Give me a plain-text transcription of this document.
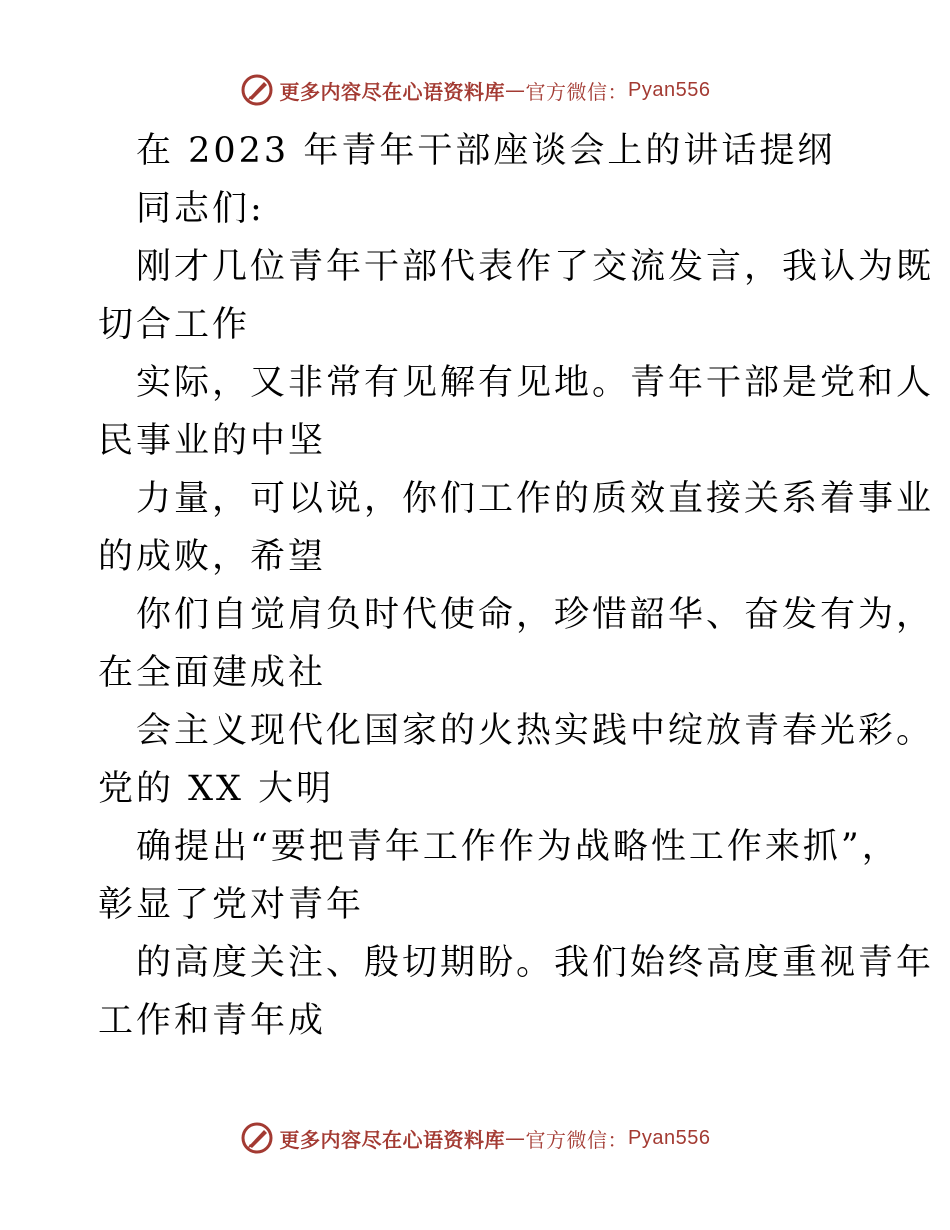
更多内容尽在心语资料库 — 官方微信： Pyan556
在 2023 年青年干部座谈会上的讲话提纲
同志们:
刚才几位青年干部代表作了交流发言，我认为既
切合工作
实际，又非常有见解有见地。青年干部是党和人
民事业的中坚
力量，可以说，你们工作的质效直接关系着事业
的成败，希望
你们自觉肩负时代使命，珍惜韶华、奋发有为，
在全面建成社
会主义现代化国家的火热实践中绽放青春光彩。
党的 XX 大明
确提出“要把青年工作作为战略性工作来抓”，
彰显了党对青年
的高度关注、殷切期盼。我们始终高度重视青年
工作和青年成
更多内容尽在心语资料库 — 官方微信： Pyan556
